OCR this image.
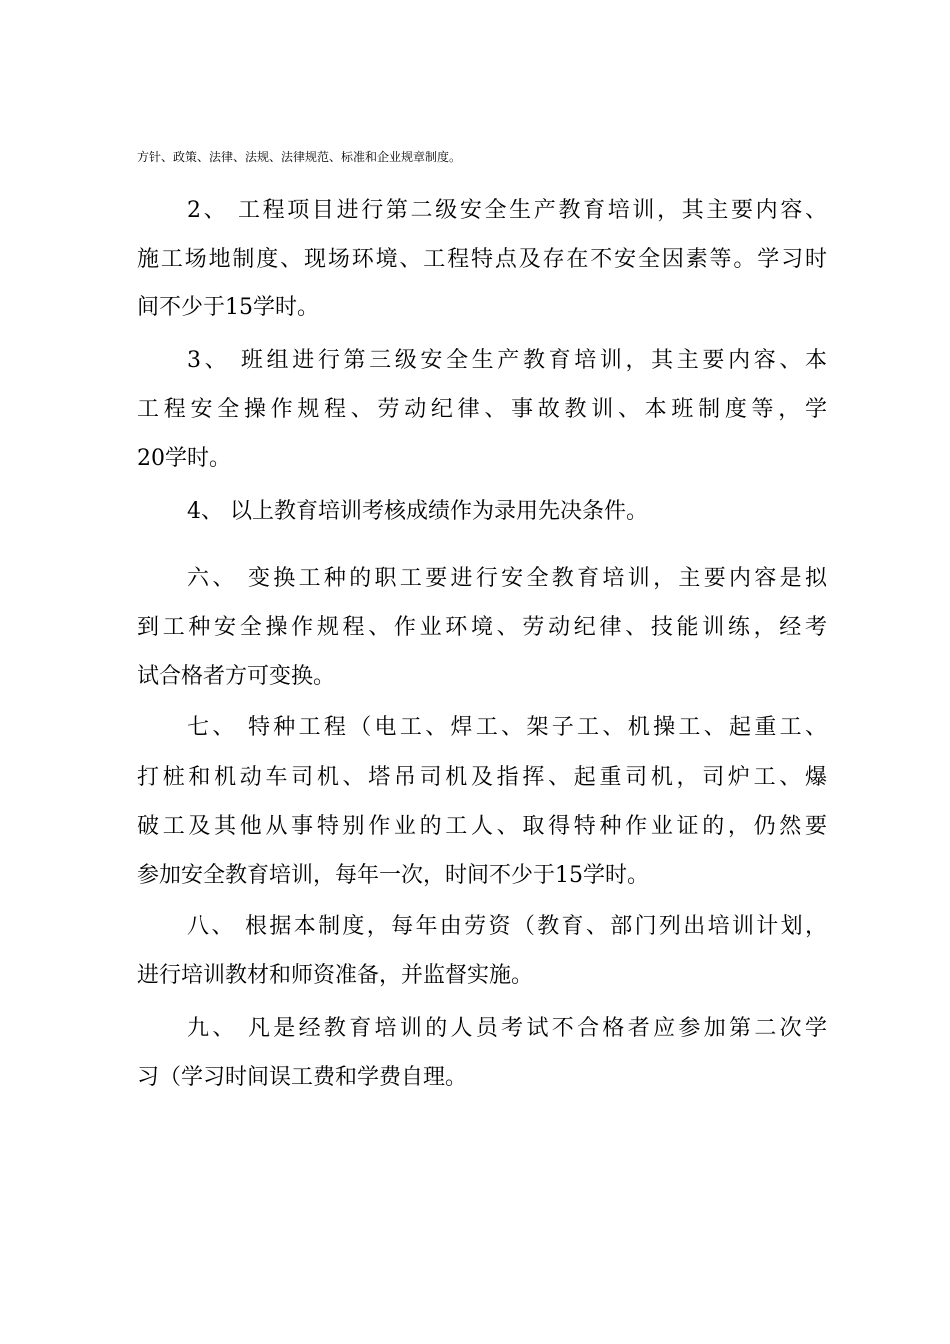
方针、政策、法律、法规、法律规范、标准和企业规章制度。
2、 工程项目进行第二级安全生产教育培训，其主要内容、
施工场地制度、现场环境、工程特点及存在不安全因素等。学习时
间不少于15学时。
3、 班组进行第三级安全生产教育培训，其主要内容、本
工程安全操作规程、劳动纪律、事故教训、本班制度等，学
20学时。
4、 以上教育培训考核成绩作为录用先决条件。
六、 变换工种的职工要进行安全教育培训，主要内容是拟
到工种安全操作规程、作业环境、劳动纪律、技能训练，经考
试合格者方可变换。
七、 特种工程（电工、焊工、架子工、机操工、起重工、
打桩和机动车司机、塔吊司机及指挥、起重司机，司炉工、爆
破工及其他从事特别作业的工人、取得特种作业证的，仍然要
参加安全教育培训，每年一次，时间不少于15学时。
八、 根据本制度，每年由劳资（教育、部门列出培训计划，
进行培训教材和师资准备，并监督实施。
九、 凡是经教育培训的人员考试不合格者应参加第二次学
习（学习时间误工费和学费自理。
